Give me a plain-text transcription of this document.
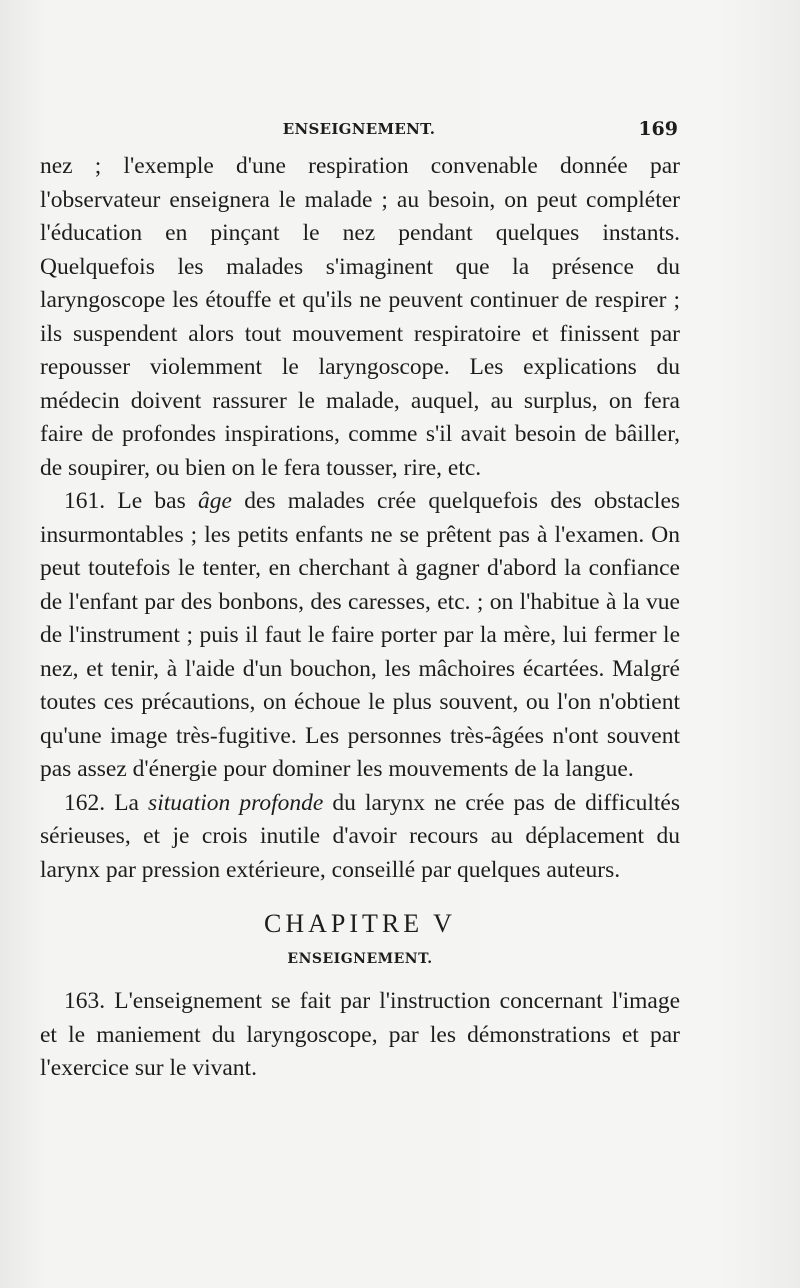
ENSEIGNEMENT.	169

nez ; l'exemple d'une respiration convenable donnée par l'observateur enseignera le malade ; au besoin, on peut compléter l'éducation en pinçant le nez pendant quelques instants. Quelquefois les malades s'imaginent que la présence du laryngoscope les étouffe et qu'ils ne peuvent continuer de respirer ; ils suspendent alors tout mouvement respiratoire et finissent par repousser violemment le laryngoscope. Les explications du médecin doivent rassurer le malade, auquel, au surplus, on fera faire de profondes inspirations, comme s'il avait besoin de bâiller, de soupirer, ou bien on le fera tousser, rire, etc.

161. Le bas âge des malades crée quelquefois des obstacles insurmontables ; les petits enfants ne se prêtent pas à l'examen. On peut toutefois le tenter, en cherchant à gagner d'abord la confiance de l'enfant par des bonbons, des caresses, etc. ; on l'habitue à la vue de l'instrument ; puis il faut le faire porter par la mère, lui fermer le nez, et tenir, à l'aide d'un bouchon, les mâchoires écartées. Malgré toutes ces précautions, on échoue le plus souvent, ou l'on n'obtient qu'une image très-fugitive. Les personnes très-âgées n'ont souvent pas assez d'énergie pour dominer les mouvements de la langue.

162. La situation profonde du larynx ne crée pas de difficultés sérieuses, et je crois inutile d'avoir recours au déplacement du larynx par pression extérieure, conseillé par quelques auteurs.

CHAPITRE V
ENSEIGNEMENT.

163. L'enseignement se fait par l'instruction concernant l'image et le maniement du laryngoscope, par les démonstrations et par l'exercice sur le vivant.
